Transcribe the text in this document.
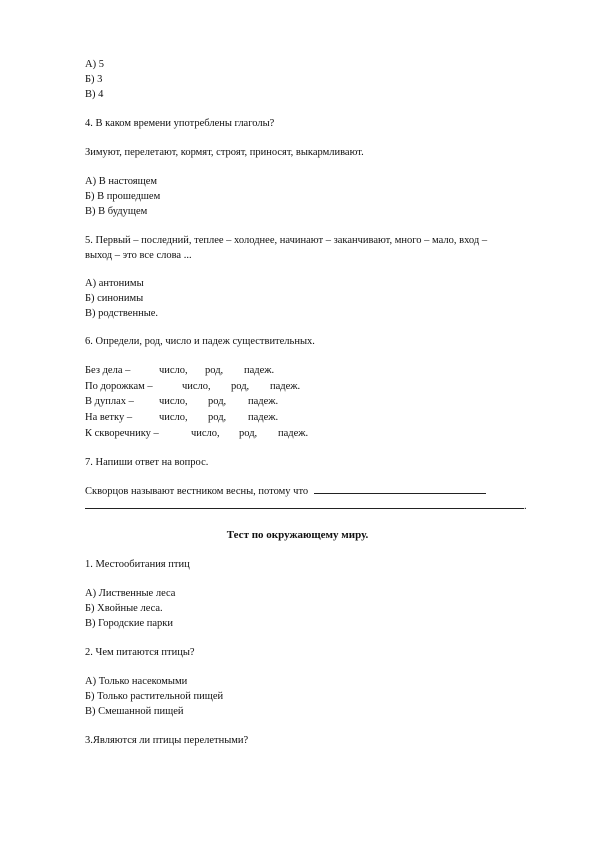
А) 5
Б) 3
В) 4
4. В каком времени употреблены глаголы?
Зимуют, перелетают, кормят, строят, приносят, выкармливают.
А) В настоящем
Б) В прошедшем
В) В будущем
5. Первый – последний, теплее – холоднее, начинают – заканчивают, много – мало, вход –
выход – это все слова ...
А) антонимы
Б) синонимы
В) родственные.
6. Определи, род, число и падеж существительных.
Без дела –	число, род, падеж.
По дорожкам –	число, род, падеж.
В дуплах – число, род, падеж.
На ветку –	число, род, падеж.
К скворечнику –	число, род, падеж.
7. Напиши ответ на вопрос.
Скворцов называют вестником весны, потому что
.
Тест по окружающему миру.
1. Местообитания птиц
А) Лиственные леса
Б) Хвойные леса.
В) Городские парки
2. Чем питаются птицы?
А) Только насекомыми
Б) Только растительной пищей
В) Смешанной пищей
3.Являются ли птицы перелетными?
